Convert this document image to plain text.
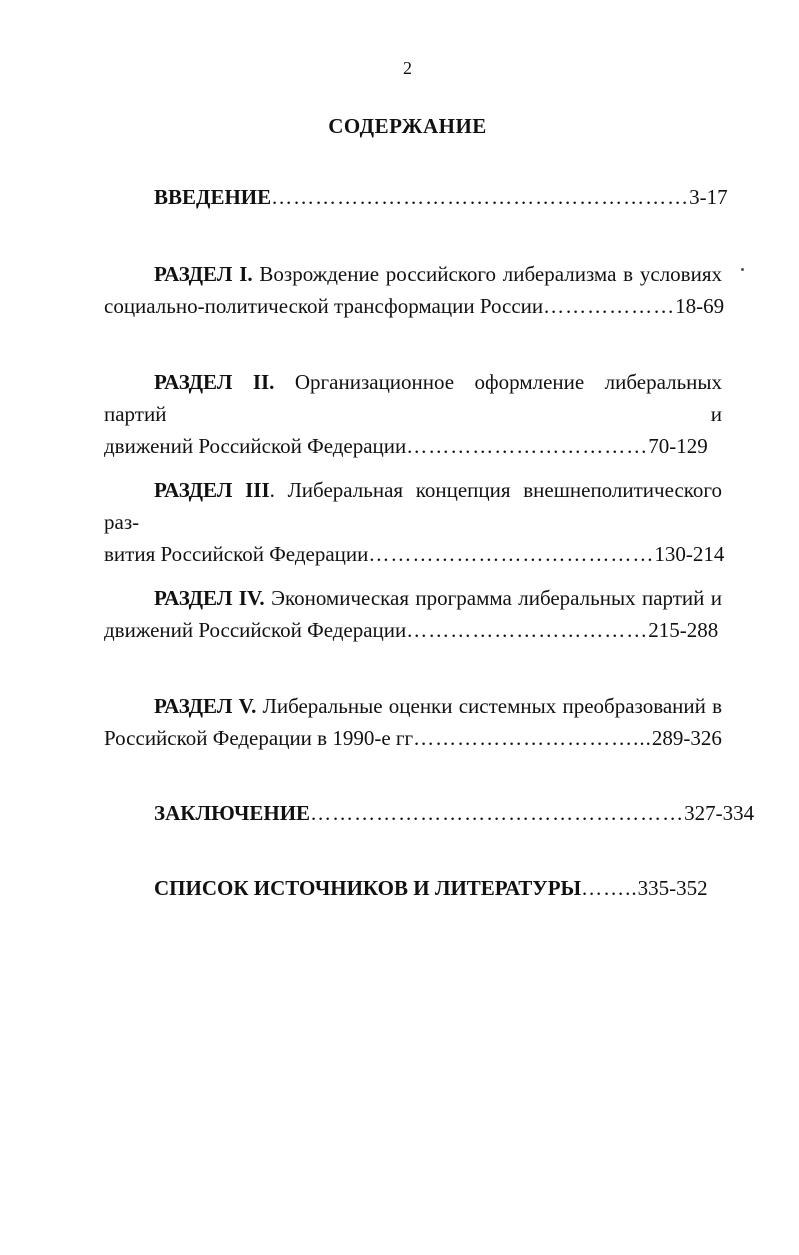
2
СОДЕРЖАНИЕ
ВВЕДЕНИЕ…………………………………………………3-17
РАЗДЕЛ I. Возрождение российского либерализма в условиях
социально-политической трансформации России………………18-69
РАЗДЕЛ II. Организационное оформление либеральных партий и
движений Российской Федерации……………………………70-129
РАЗДЕЛ III. Либеральная концепция внешнеполитического раз-
вития Российской Федерации…………………………………130-214
РАЗДЕЛ IV. Экономическая программа либеральных партий и
движений Российской Федерации……………………………215-288
РАЗДЕЛ V. Либеральные оценки системных преобразований в
Российской Федерации в 1990-е гг…………………………...289-326
ЗАКЛЮЧЕНИЕ……………………………………………327-334
СПИСОК ИСТОЧНИКОВ И ЛИТЕРАТУРЫ……..335-352
